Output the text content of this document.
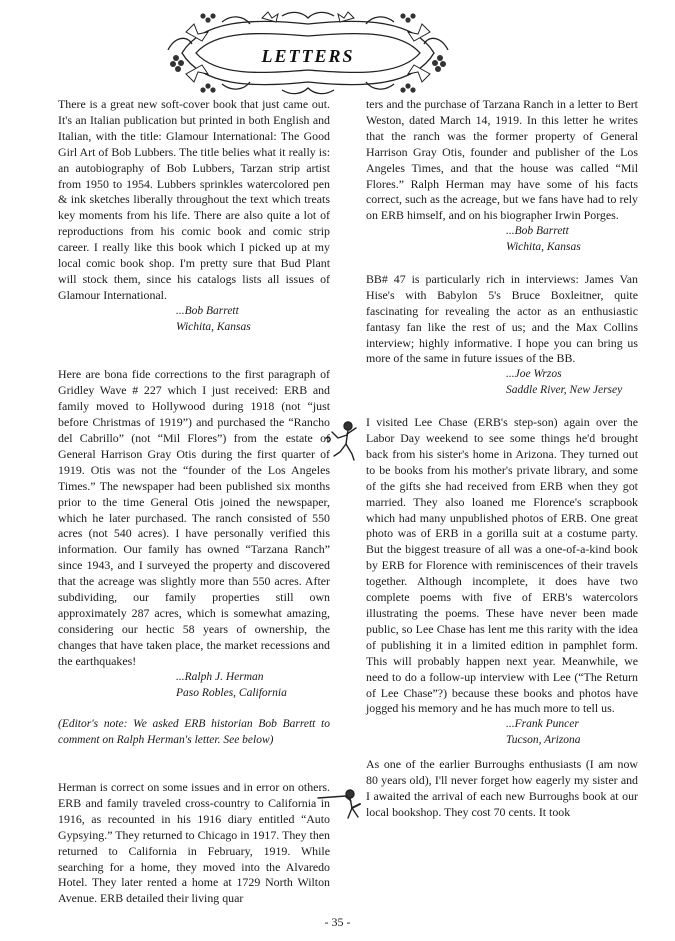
LETTERS

There is a great new soft-cover book that just came out. It's an Italian publication but printed in both English and Italian, with the title: Glamour International: The Good Girl Art of Bob Lubbers. The title belies what it really is: an autobiography of Bob Lubbers, Tarzan strip artist from 1950 to 1954. Lubbers sprinkles watercolored pen & ink sketches liberally throughout the text which treats key moments from his life. There are also quite a lot of reproductions from his comic book and comic strip career. I really like this book which I picked up at my local comic book shop. I'm pretty sure that Bud Plant will stock them, since his catalogs lists all issues of Glamour International.

...Bob Barrett

Wichita, Kansas

Here are bona fide corrections to the first paragraph of Gridley Wave # 227 which I just received: ERB and family moved to Hollywood during 1918 (not “just before Christmas of 1919”) and purchased the “Rancho del Cabrillo” (not “Mil Flores”) from the estate of General Harrison Gray Otis during the first quarter of 1919. Otis was not the “founder of the Los Angeles Times.” The newspaper had been published six months prior to the time General Otis joined the newspaper, which he later purchased. The ranch consisted of 550 acres (not 540 acres). I have personally verified this information. Our family has owned “Tarzana Ranch” since 1943, and I surveyed the property and discovered that the acreage was slightly more than 550 acres. After subdividing, our family properties still own approximately 287 acres, which is somewhat amazing, considering our hectic 58 years of ownership, the changes that have taken place, the market recessions and the earthquakes!

...Ralph J. Herman

Paso Robles, California

(Editor's note: We asked ERB historian Bob Barrett to comment on Ralph Herman's letter. See below)

Herman is correct on some issues and in error on others. ERB and family traveled cross-country to California in 1916, as recounted in his 1916 diary entitled “Auto Gypsying.” They returned to Chicago in 1917. They then returned to California in February, 1919. While searching for a home, they moved into the Alvaredo Hotel. They later rented a home at 1729 North Wilton Avenue. ERB detailed their living quar

ters and the purchase of Tarzana Ranch in a letter to Bert Weston, dated March 14, 1919. In this letter he writes that the ranch was the former property of General Harrison Gray Otis, founder and publisher of the Los Angeles Times, and that the house was called “Mil Flores.” Ralph Herman may have some of his facts correct, such as the acreage, but we fans have had to rely on ERB himself, and on his biographer Irwin Porges.

...Bob Barrett

Wichita, Kansas

BB# 47 is particularly rich in interviews: James Van Hise's with Babylon 5's Bruce Boxleitner, quite fascinating for revealing the actor as an enthusiastic fantasy fan like the rest of us; and the Max Collins interview; highly informative. I hope you can bring us more of the same in future issues of the BB.

...Joe Wrzos

Saddle River, New Jersey

I visited Lee Chase (ERB's step-son) again over the Labor Day weekend to see some things he'd brought back from his sister's home in Arizona. They turned out to be books from his mother's private library, and some of the gifts she had received from ERB when they got married. They also loaned me Florence's scrapbook which had many unpublished photos of ERB. One great photo was of ERB in a gorilla suit at a costume party. But the biggest treasure of all was a one-of-a-kind book by ERB for Florence with reminiscences of their travels together. Although incomplete, it does have two complete poems with five of ERB's watercolors illustrating the poems. These have never been made public, so Lee Chase has lent me this rarity with the idea of publishing it in a limited edition in pamphlet form. This will probably happen next year. Meanwhile, we need to do a follow-up interview with Lee (“The Return of Lee Chase”?) because these books and photos have jogged his memory and he has much more to tell us.

...Frank Puncer

Tucson, Arizona

As one of the earlier Burroughs enthusiasts (I am now 80 years old), I'll never forget how eagerly my sister and I awaited the arrival of each new Burroughs book at our local bookshop. They cost 70 cents. It took

- 35 -
